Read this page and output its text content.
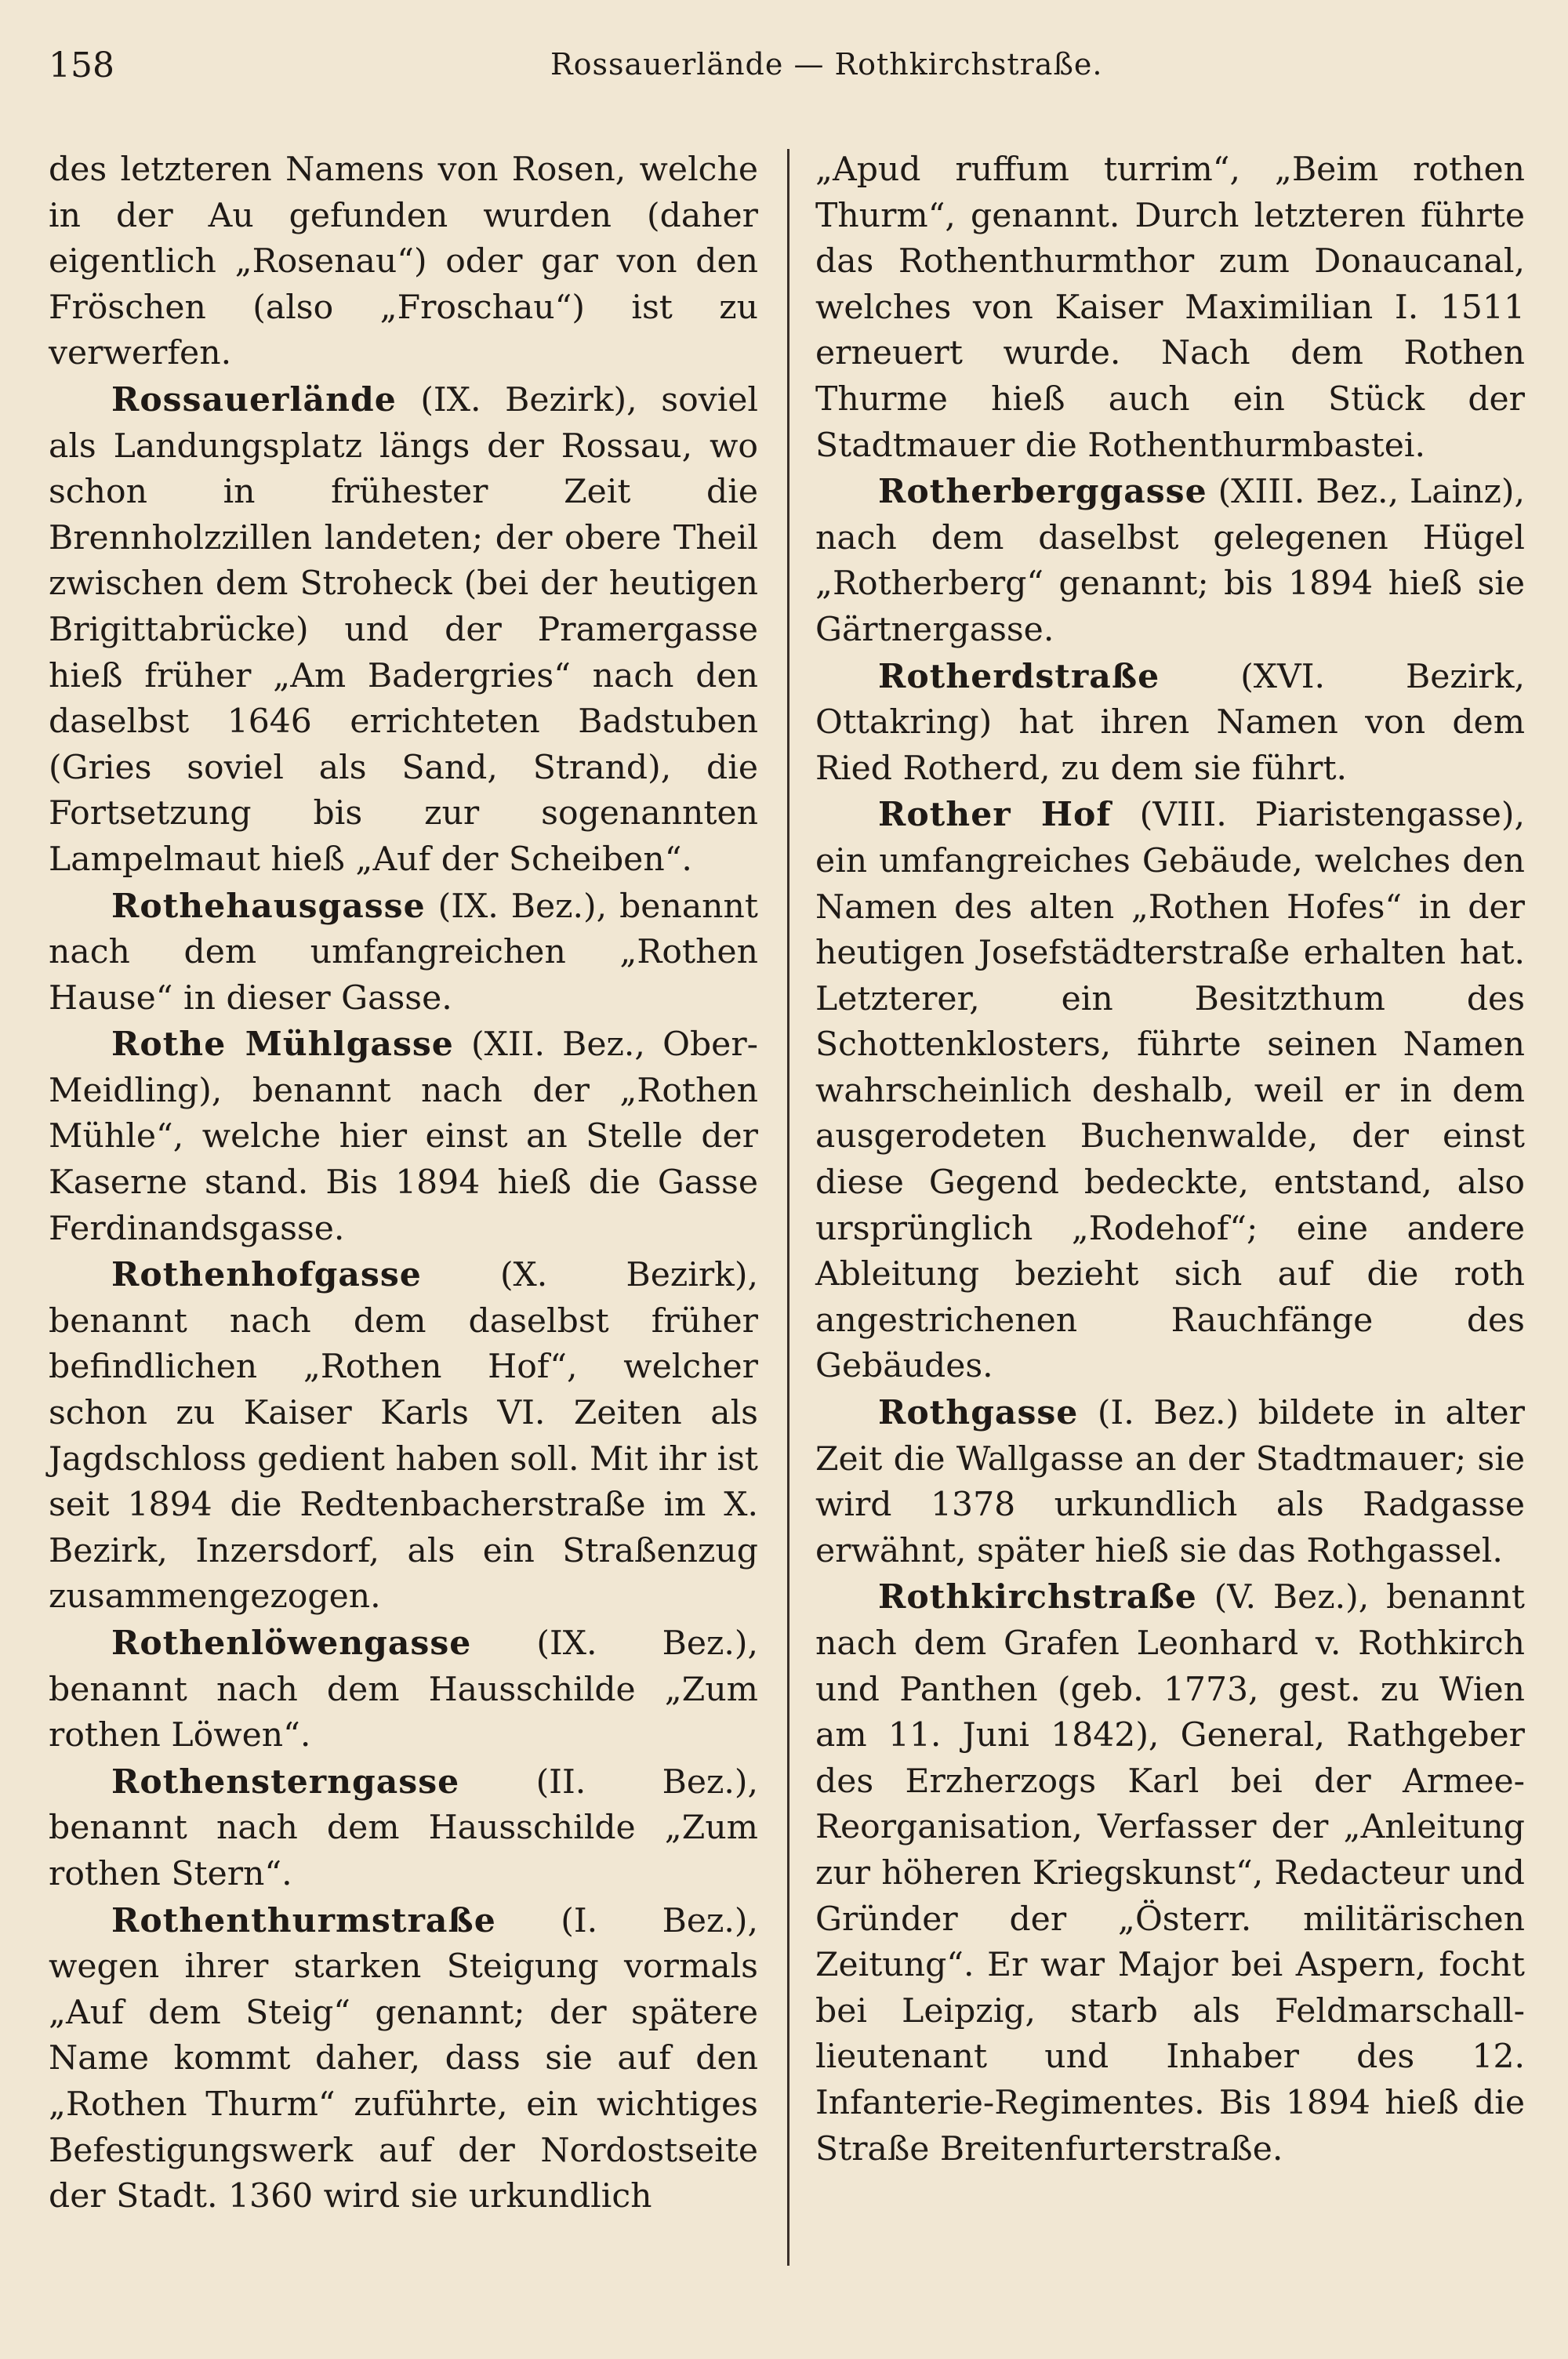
158	Rossauerlände — Rothkirchstraße.

des letzteren Namens von Rosen, welche in der Au gefunden wurden (daher eigentlich „Rosenau“) oder gar von den Fröschen (also „Froschau“) ist zu verwerfen.

Rossauerlände (IX. Bezirk), soviel als Landungsplatz längs der Rossau, wo schon in frühester Zeit die Brennholzzillen landeten; der obere Theil zwischen dem Stroheck (bei der heutigen Brigittabrücke) und der Pramergasse hieß früher „Am Badergries“ nach den daselbst 1646 errichteten Badstuben (Gries soviel als Sand, Strand), die Fortsetzung bis zur sogenannten Lampelmaut hieß „Auf der Scheiben“.

Rothehausgasse (IX. Bez.), benannt nach dem umfangreichen „Rothen Hause“ in dieser Gasse.

Rothe Mühlgasse (XII. Bez., Ober-Meidling), benannt nach der „Rothen Mühle“, welche hier einst an Stelle der Kaserne stand. Bis 1894 hieß die Gasse Ferdinandsgasse.

Rothenhofgasse (X. Bezirk), benannt nach dem daselbst früher befindlichen „Rothen Hof“, welcher schon zu Kaiser Karls VI. Zeiten als Jagdschloss gedient haben soll. Mit ihr ist seit 1894 die Redtenbacherstraße im X. Bezirk, Inzersdorf, als ein Straßenzug zusammengezogen.

Rothenlöwengasse (IX. Bez.), benannt nach dem Hausschilde „Zum rothen Löwen“.

Rothensterngasse (II. Bez.), benannt nach dem Hausschilde „Zum rothen Stern“.

Rothenthurmstraße (I. Bez.), wegen ihrer starken Steigung vormals „Auf dem Steig“ genannt; der spätere Name kommt daher, dass sie auf den „Rothen Thurm“ zuführte, ein wichtiges Befestigungswerk auf der Nordostseite der Stadt. 1360 wird sie urkundlich

„Apud ruffum turrim“, „Beim rothen Thurm“, genannt. Durch letzteren führte das Rothenthurmthor zum Donaucanal, welches von Kaiser Maximilian I. 1511 erneuert wurde. Nach dem Rothen Thurme hieß auch ein Stück der Stadtmauer die Rothenthurmbastei.

Rotherberggasse (XIII. Bez., Lainz), nach dem daselbst gelegenen Hügel „Rotherberg“ genannt; bis 1894 hieß sie Gärtnergasse.

Rotherdstraße (XVI. Bezirk, Ottakring) hat ihren Namen von dem Ried Rotherd, zu dem sie führt.

Rother Hof (VIII. Piaristengasse), ein umfangreiches Gebäude, welches den Namen des alten „Rothen Hofes“ in der heutigen Josefstädterstraße erhalten hat. Letzterer, ein Besitzthum des Schottenklosters, führte seinen Namen wahrscheinlich deshalb, weil er in dem ausgerodeten Buchenwalde, der einst diese Gegend bedeckte, entstand, also ursprünglich „Rodehof“; eine andere Ableitung bezieht sich auf die roth angestrichenen Rauchfänge des Gebäudes.

Rothgasse (I. Bez.) bildete in alter Zeit die Wallgasse an der Stadtmauer; sie wird 1378 urkundlich als Radgasse erwähnt, später hieß sie das Rothgassel.

Rothkirchstraße (V. Bez.), benannt nach dem Grafen Leonhard v. Rothkirch und Panthen (geb. 1773, gest. zu Wien am 11. Juni 1842), General, Rathgeber des Erzherzogs Karl bei der Armee-Reorganisation, Verfasser der „Anleitung zur höheren Kriegskunst“, Redacteur und Gründer der „Österr. militärischen Zeitung“. Er war Major bei Aspern, focht bei Leipzig, starb als Feldmarschall-lieutenant und Inhaber des 12. Infanterie-Regimentes. Bis 1894 hieß die Straße Breitenfurterstraße.
